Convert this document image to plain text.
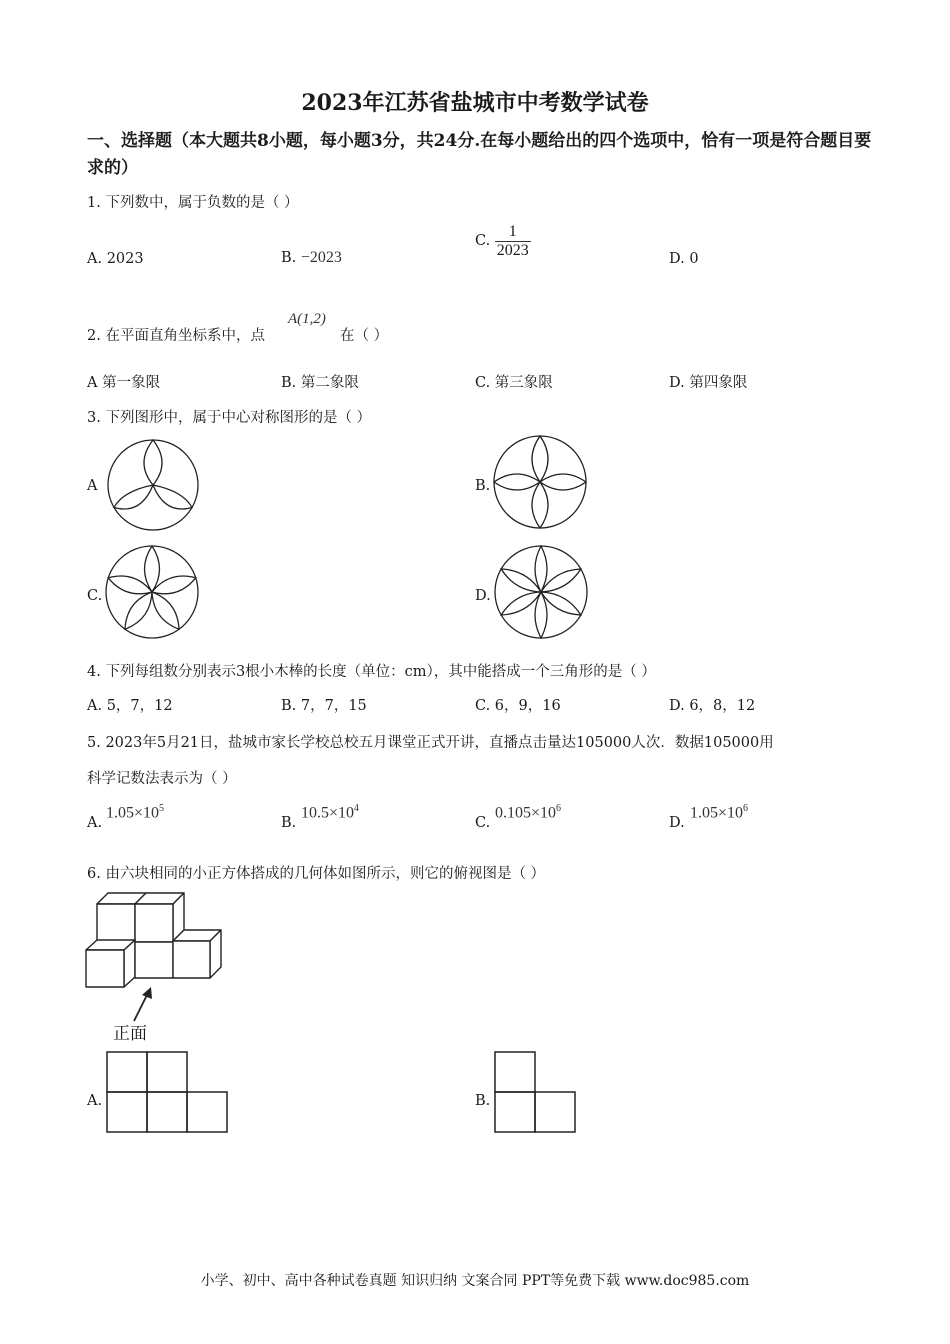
2023年江苏省盐城市中考数学试卷
一、选择题（本大题共8小题，每小题3分，共24分.在每小题给出的四个选项中，恰有一项是符合题目要求的）
1. 下列数中，属于负数的是（ ）
A. 2023	B. −2023
C. $\frac{1}{2023}$	D. 0
2. 在平面直角坐标系中，点
A(1,2)
在（ ）
A 第一象限	B. 第二象限	C. 第三象限	D. 第四象限
3. 下列图形中，属于中心对称图形的是（ ）
A	B.
C.	D.
4. 下列每组数分别表示3根小木棒的长度（单位：cm），其中能搭成一个三角形的是（ ）
A. 5，7，12	B. 7，7，15	C. 6，9，16	D. 6，8，12
5. 2023年5月21日，盐城市家长学校总校五月课堂正式开讲，直播点击量达105000人次．数据105000用
科学记数法表示为（ ）
A.
$1.05\times 10^5$
B.
$10.5\times 10^4$
C.
$0.105\times 10^6$
D.
$1.05\times 10^6$
6. 由六块相同的小正方体搭成的几何体如图所示，则它的俯视图是（ ）
正面
A.	B.
小学、初中、高中各种试卷真题 知识归纳 文案合同 PPT等免费下载 www.doc985.com
